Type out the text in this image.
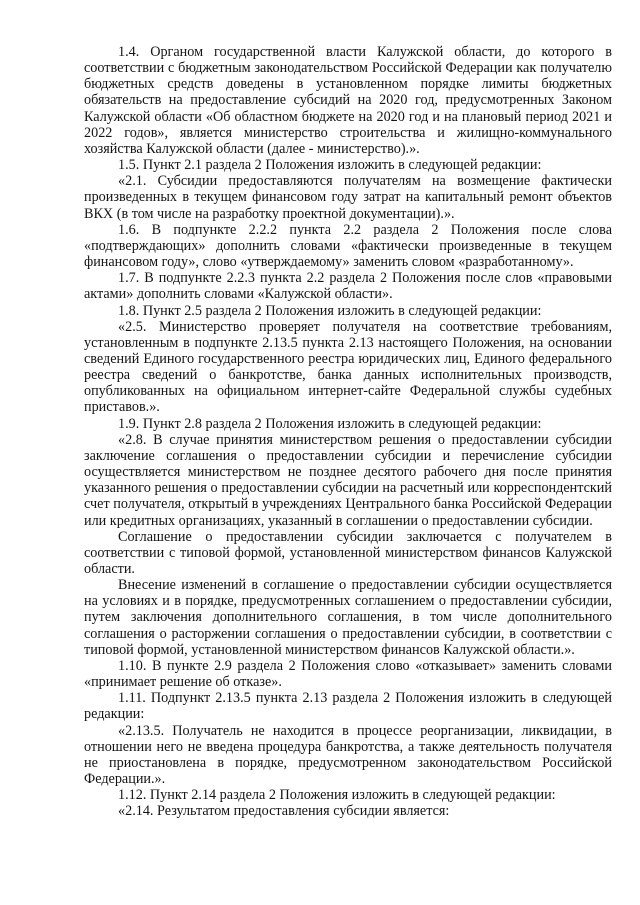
1.4. Органом государственной власти Калужской области, до которого в соответствии с бюджетным законодательством Российской Федерации как получателю бюджетных средств доведены в установленном порядке лимиты бюджетных обязательств на предоставление субсидий на 2020 год, предусмотренных Законом Калужской области «Об областном бюджете на 2020 год и на плановый период 2021 и 2022 годов», является министерство строительства и жилищно-коммунального хозяйства Калужской области (далее - министерство).».

1.5. Пункт 2.1 раздела 2 Положения изложить в следующей редакции:

«2.1. Субсидии предоставляются получателям на возмещение фактически произведенных в текущем финансовом году затрат на капитальный ремонт объектов ВКХ (в том числе на разработку проектной документации).».

1.6. В подпункте 2.2.2 пункта 2.2 раздела 2 Положения после слова «подтверждающих» дополнить словами «фактически произведенные в текущем финансовом году», слово «утверждаемому» заменить словом «разработанному».

1.7. В подпункте 2.2.3 пункта 2.2 раздела 2 Положения после слов «правовыми актами» дополнить словами «Калужской области».

1.8. Пункт 2.5 раздела 2 Положения изложить в следующей редакции:

«2.5. Министерство проверяет получателя на соответствие требованиям, установленным в подпункте 2.13.5 пункта 2.13 настоящего Положения, на основании сведений Единого государственного реестра юридических лиц, Единого федерального реестра сведений о банкротстве, банка данных исполнительных производств, опубликованных на официальном интернет-сайте Федеральной службы судебных приставов.».

1.9. Пункт 2.8 раздела 2 Положения изложить в следующей редакции:

«2.8. В случае принятия министерством решения о предоставлении субсидии заключение соглашения о предоставлении субсидии и перечисление субсидии осуществляется министерством не позднее десятого рабочего дня после принятия указанного решения о предоставлении субсидии на расчетный или корреспондентский счет получателя, открытый в учреждениях Центрального банка Российской Федерации или кредитных организациях, указанный в соглашении о предоставлении субсидии.

Соглашение о предоставлении субсидии заключается с получателем в соответствии с типовой формой, установленной министерством финансов Калужской области.

Внесение изменений в соглашение о предоставлении субсидии осуществляется на условиях и в порядке, предусмотренных соглашением о предоставлении субсидии, путем заключения дополнительного соглашения, в том числе дополнительного соглашения о расторжении соглашения о предоставлении субсидии, в соответствии с типовой формой, установленной министерством финансов Калужской области.».

1.10. В пункте 2.9 раздела 2 Положения слово «отказывает» заменить словами «принимает решение об отказе».

1.11. Подпункт 2.13.5 пункта 2.13 раздела 2 Положения изложить в следующей редакции:

«2.13.5. Получатель не находится в процессе реорганизации, ликвидации, в отношении него не введена процедура банкротства, а также деятельность получателя не приостановлена в порядке, предусмотренном законодательством Российской Федерации.».

1.12. Пункт 2.14 раздела 2 Положения изложить в следующей редакции:

«2.14. Результатом предоставления субсидии является:
